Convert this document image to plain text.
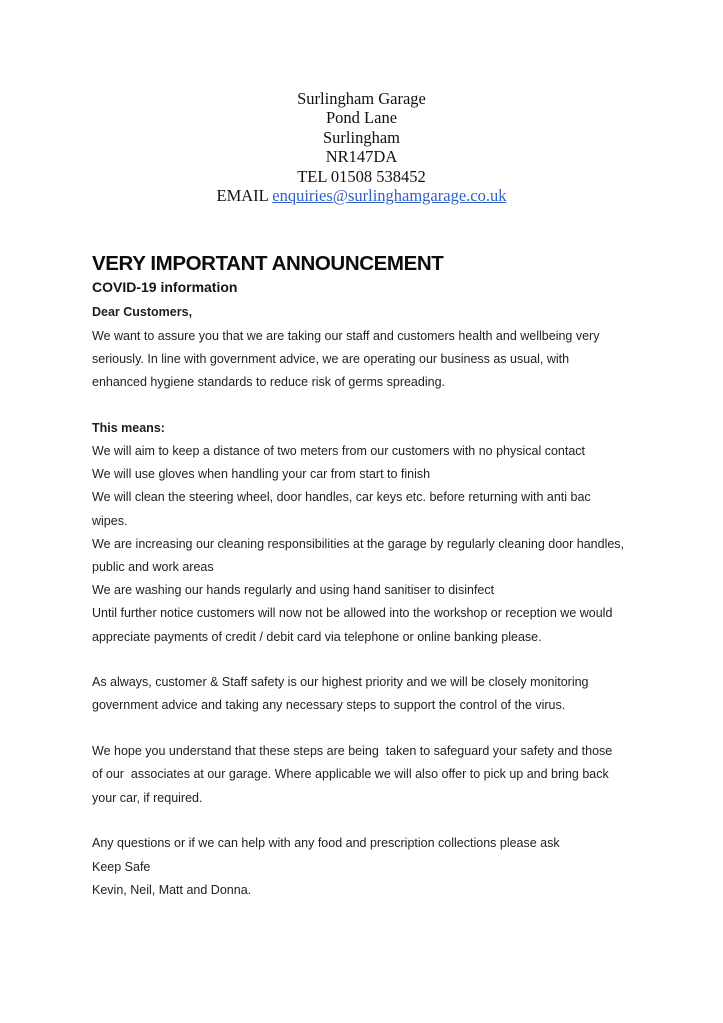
Surlingham Garage
Pond Lane
Surlingham
NR147DA
TEL 01508 538452
EMAIL enquiries@surlinghamgarage.co.uk
VERY IMPORTANT ANNOUNCEMENT
COVID-19 information

Dear Customers,

We want to assure you that we are taking our staff and customers health and wellbeing very seriously. In line with government advice, we are operating our business as usual, with enhanced hygiene standards to reduce risk of germs spreading.

This means:

We will aim to keep a distance of two meters from our customers with no physical contact

We will use gloves when handling your car from start to finish

We will clean the steering wheel, door handles, car keys etc. before returning with anti bac wipes.

We are increasing our cleaning responsibilities at the garage by regularly cleaning door handles, public and work areas

We are washing our hands regularly and using hand sanitiser to disinfect

Until further notice customers will now not be allowed into the workshop or reception we would appreciate payments of credit / debit card via telephone or online banking please.

As always, customer & Staff safety is our highest priority and we will be closely monitoring government advice and taking any necessary steps to support the control of the virus.

We hope you understand that these steps are being  taken to safeguard your safety and those of our  associates at our garage. Where applicable we will also offer to pick up and bring back your car, if required.

Any questions or if we can help with any food and prescription collections please ask

Keep Safe

Kevin, Neil, Matt and Donna.
